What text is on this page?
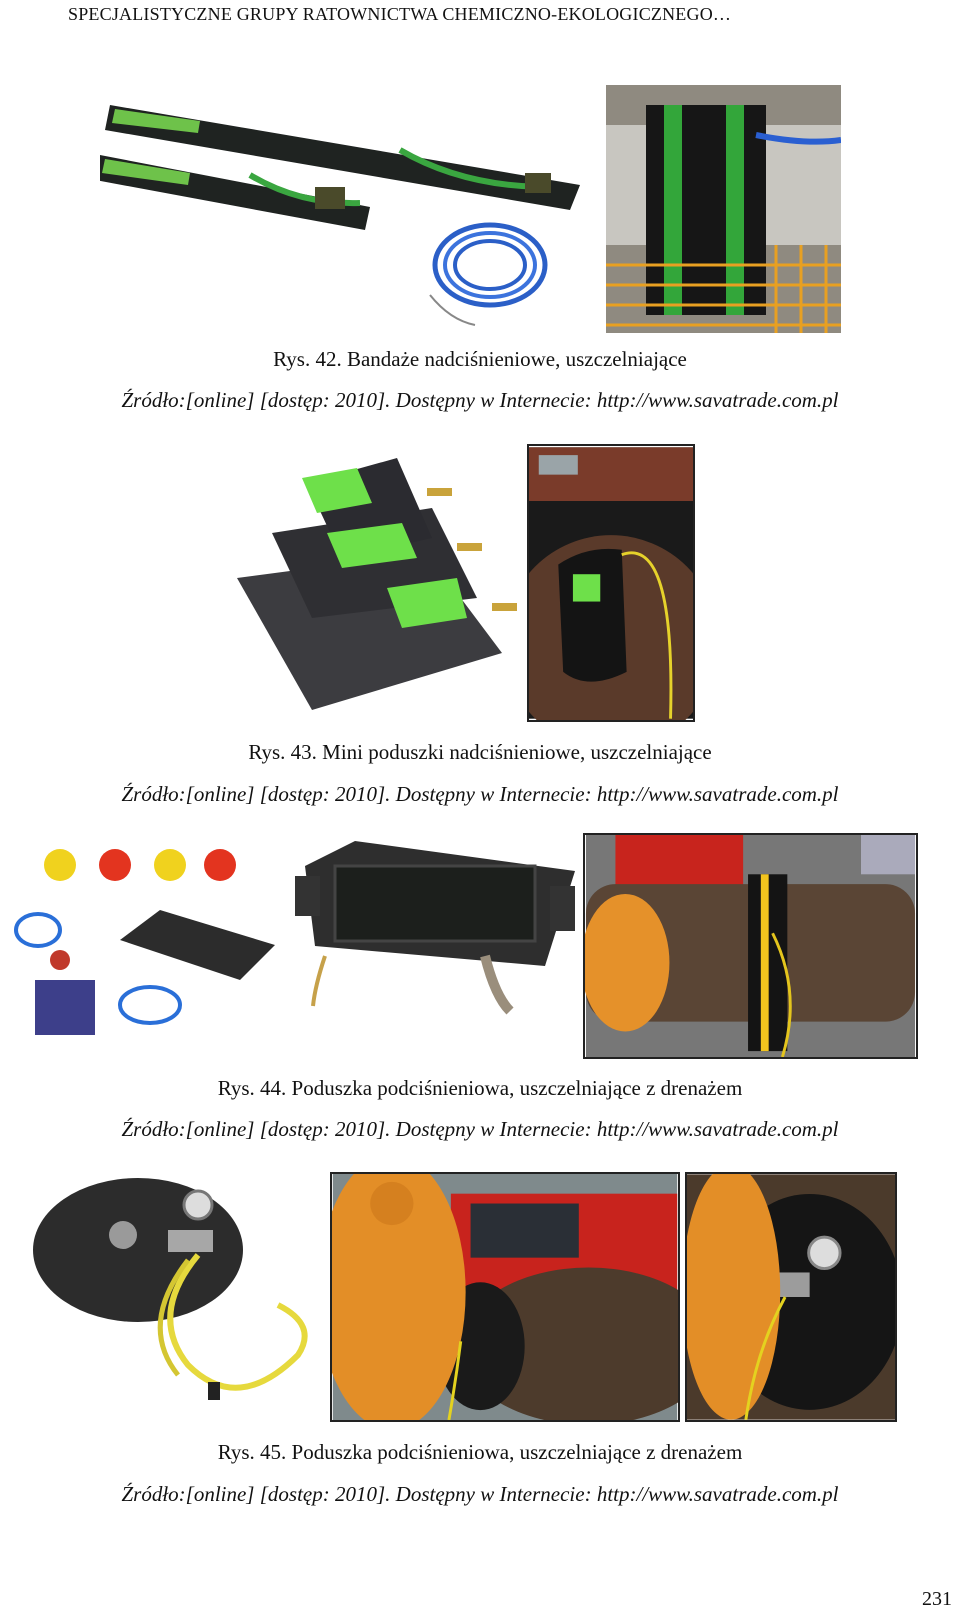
SPECJALISTYCZNE GRUPY RATOWNICTWA CHEMICZNO-EKOLOGICZNEGO…
Rys. 42. Bandaże nadciśnieniowe, uszczelniające
Źródło:[online] [dostęp: 2010]. Dostępny w Internecie: http://www.savatrade.com.pl
Rys. 43. Mini poduszki nadciśnieniowe, uszczelniające
Źródło:[online] [dostęp: 2010]. Dostępny w Internecie: http://www.savatrade.com.pl
Rys. 44. Poduszka podciśnieniowa, uszczelniające z drenażem
Źródło:[online] [dostęp: 2010]. Dostępny w Internecie: http://www.savatrade.com.pl
Rys. 45. Poduszka podciśnieniowa, uszczelniające z drenażem
Źródło:[online] [dostęp: 2010]. Dostępny w Internecie: http://www.savatrade.com.pl
231
